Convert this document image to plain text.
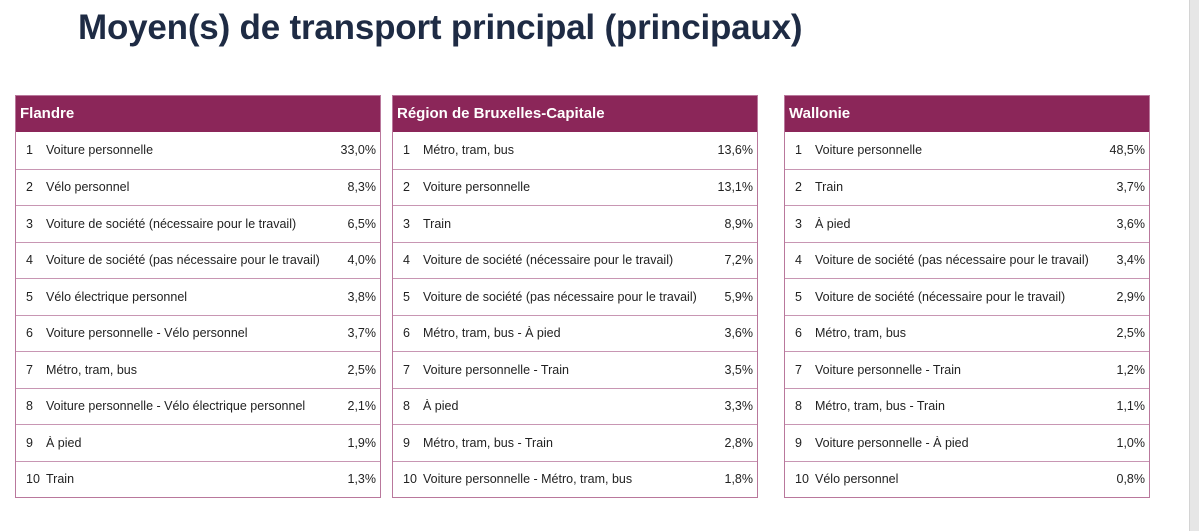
Moyen(s) de transport principal (principaux)
Flandre
1	Voiture personnelle	33,0%
2	Vélo personnel	8,3%
3	Voiture de société (nécessaire pour le travail)	6,5%
4	Voiture de société (pas nécessaire pour le travail)	4,0%
5	Vélo électrique personnel	3,8%
6	Voiture personnelle - Vélo personnel	3,7%
7	Métro, tram, bus	2,5%
8	Voiture personnelle - Vélo électrique personnel	2,1%
9	À pied	1,9%
10 Train	1,3%
Région de Bruxelles-Capitale
1	Métro, tram, bus	13,6%
2	Voiture personnelle	13,1%
3	Train	8,9%
4	Voiture de société (nécessaire pour le travail)	7,2%
5	Voiture de société (pas nécessaire pour le travail)	5,9%
6	Métro, tram, bus - À pied	3,6%
7	Voiture personnelle - Train	3,5%
8	À pied	3,3%
9	Métro, tram, bus - Train	2,8%
10 Voiture personnelle - Métro, tram, bus	1,8%
Wallonie
1	Voiture personnelle	48,5%
2	Train	3,7%
3	À pied	3,6%
4	Voiture de société (pas nécessaire pour le travail)	3,4%
5	Voiture de société (nécessaire pour le travail)	2,9%
6	Métro, tram, bus	2,5%
7	Voiture personnelle - Train	1,2%
8	Métro, tram, bus - Train	1,1%
9	Voiture personnelle - À pied	1,0%
10 Vélo personnel	0,8%
